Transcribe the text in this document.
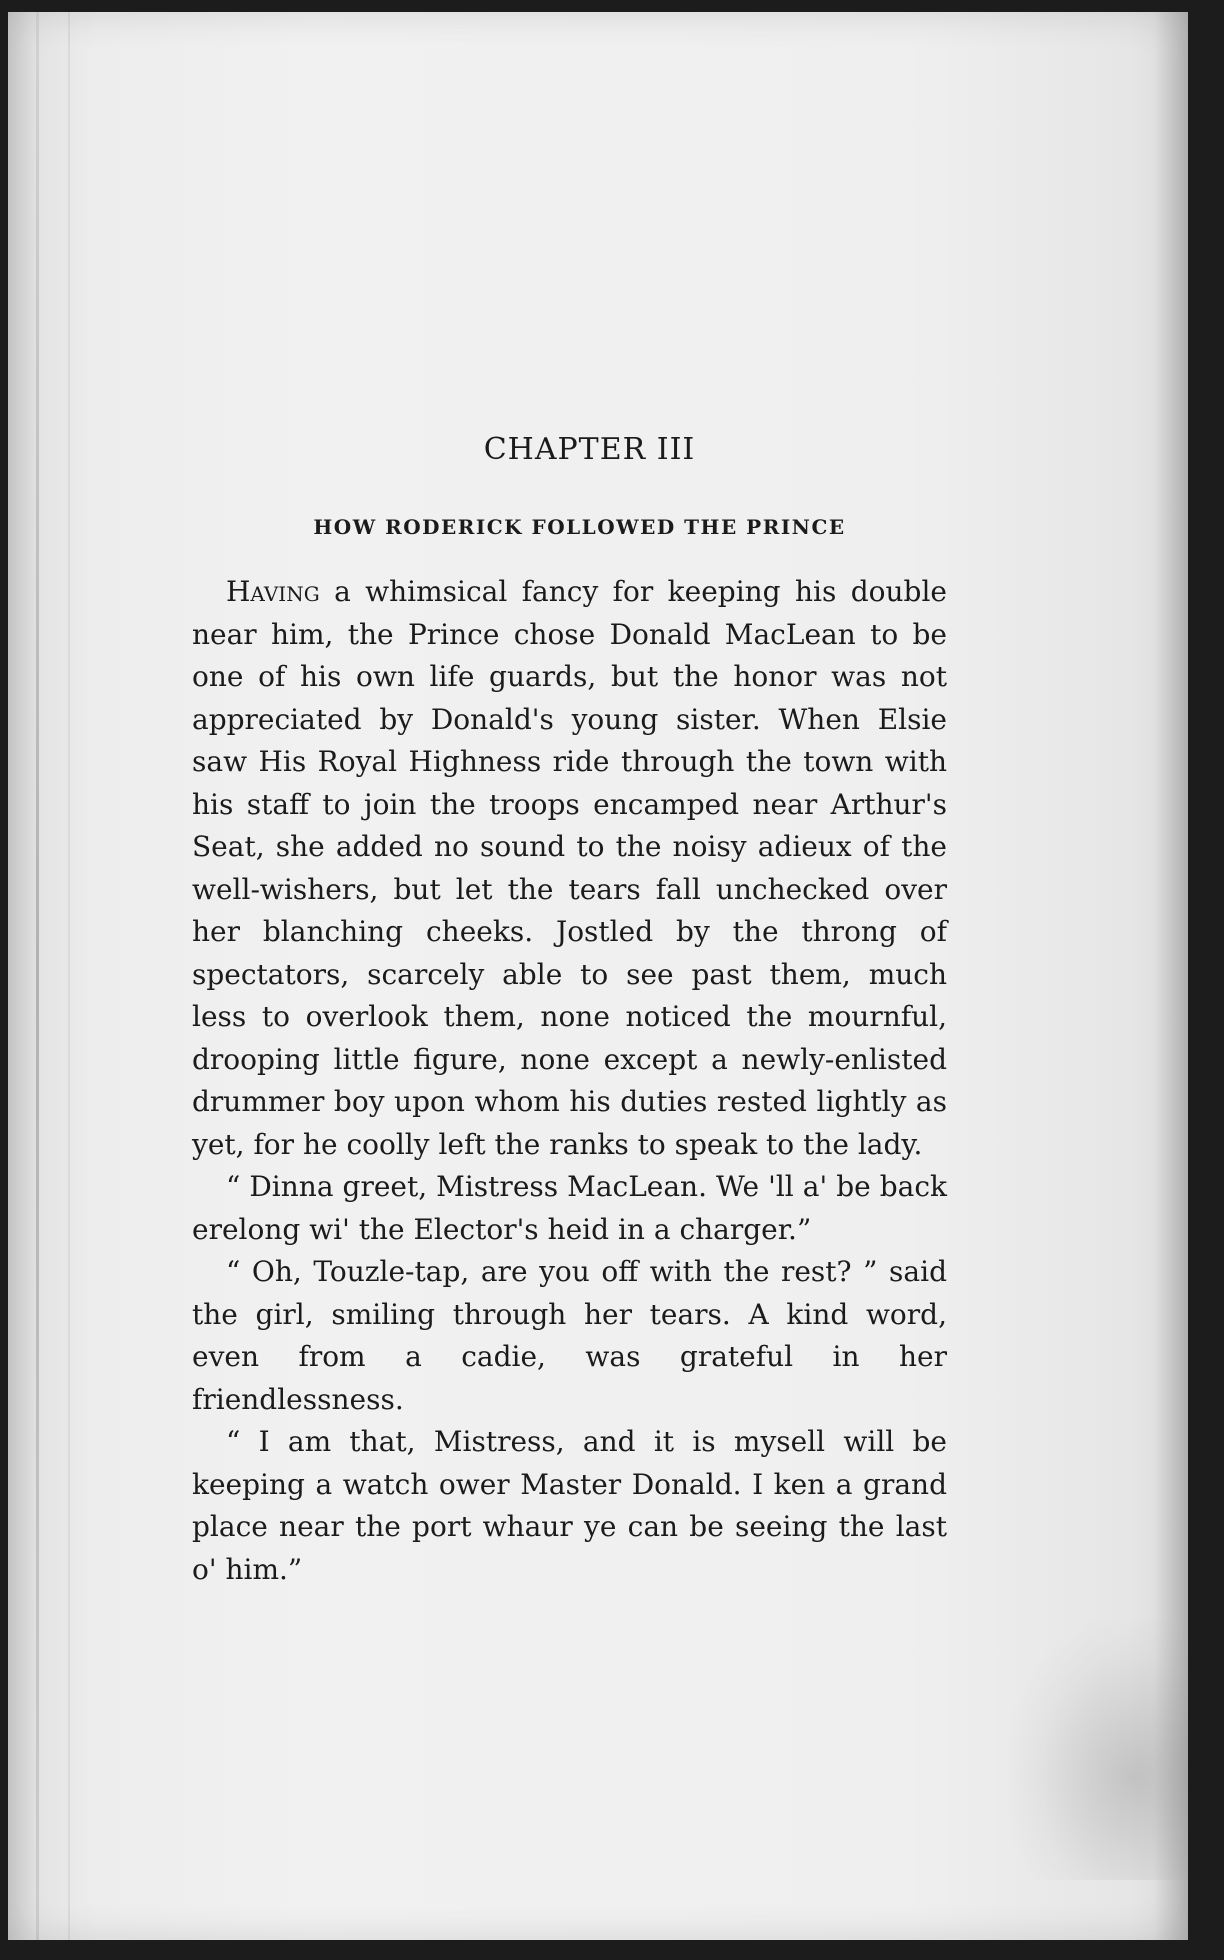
CHAPTER III
HOW RODERICK FOLLOWED THE PRINCE

Having a whimsical fancy for keeping his double near him, the Prince chose Donald MacLean to be one of his own life guards, but the honor was not appreciated by Donald's young sister. When Elsie saw His Royal Highness ride through the town with his staff to join the troops encamped near Arthur's Seat, she added no sound to the noisy adieux of the well-wishers, but let the tears fall unchecked over her blanching cheeks. Jostled by the throng of spectators, scarcely able to see past them, much less to overlook them, none noticed the mournful, drooping little figure, none except a newly-enlisted drummer boy upon whom his duties rested lightly as yet, for he coolly left the ranks to speak to the lady.

“ Dinna greet, Mistress MacLean. We 'll a' be back erelong wi' the Elector's heid in a charger.”

“ Oh, Touzle-tap, are you off with the rest? ” said the girl, smiling through her tears. A kind word, even from a cadie, was grateful in her friendlessness.

“ I am that, Mistress, and it is mysell will be keeping a watch ower Master Donald. I ken a grand place near the port whaur ye can be seeing the last o' him.”
